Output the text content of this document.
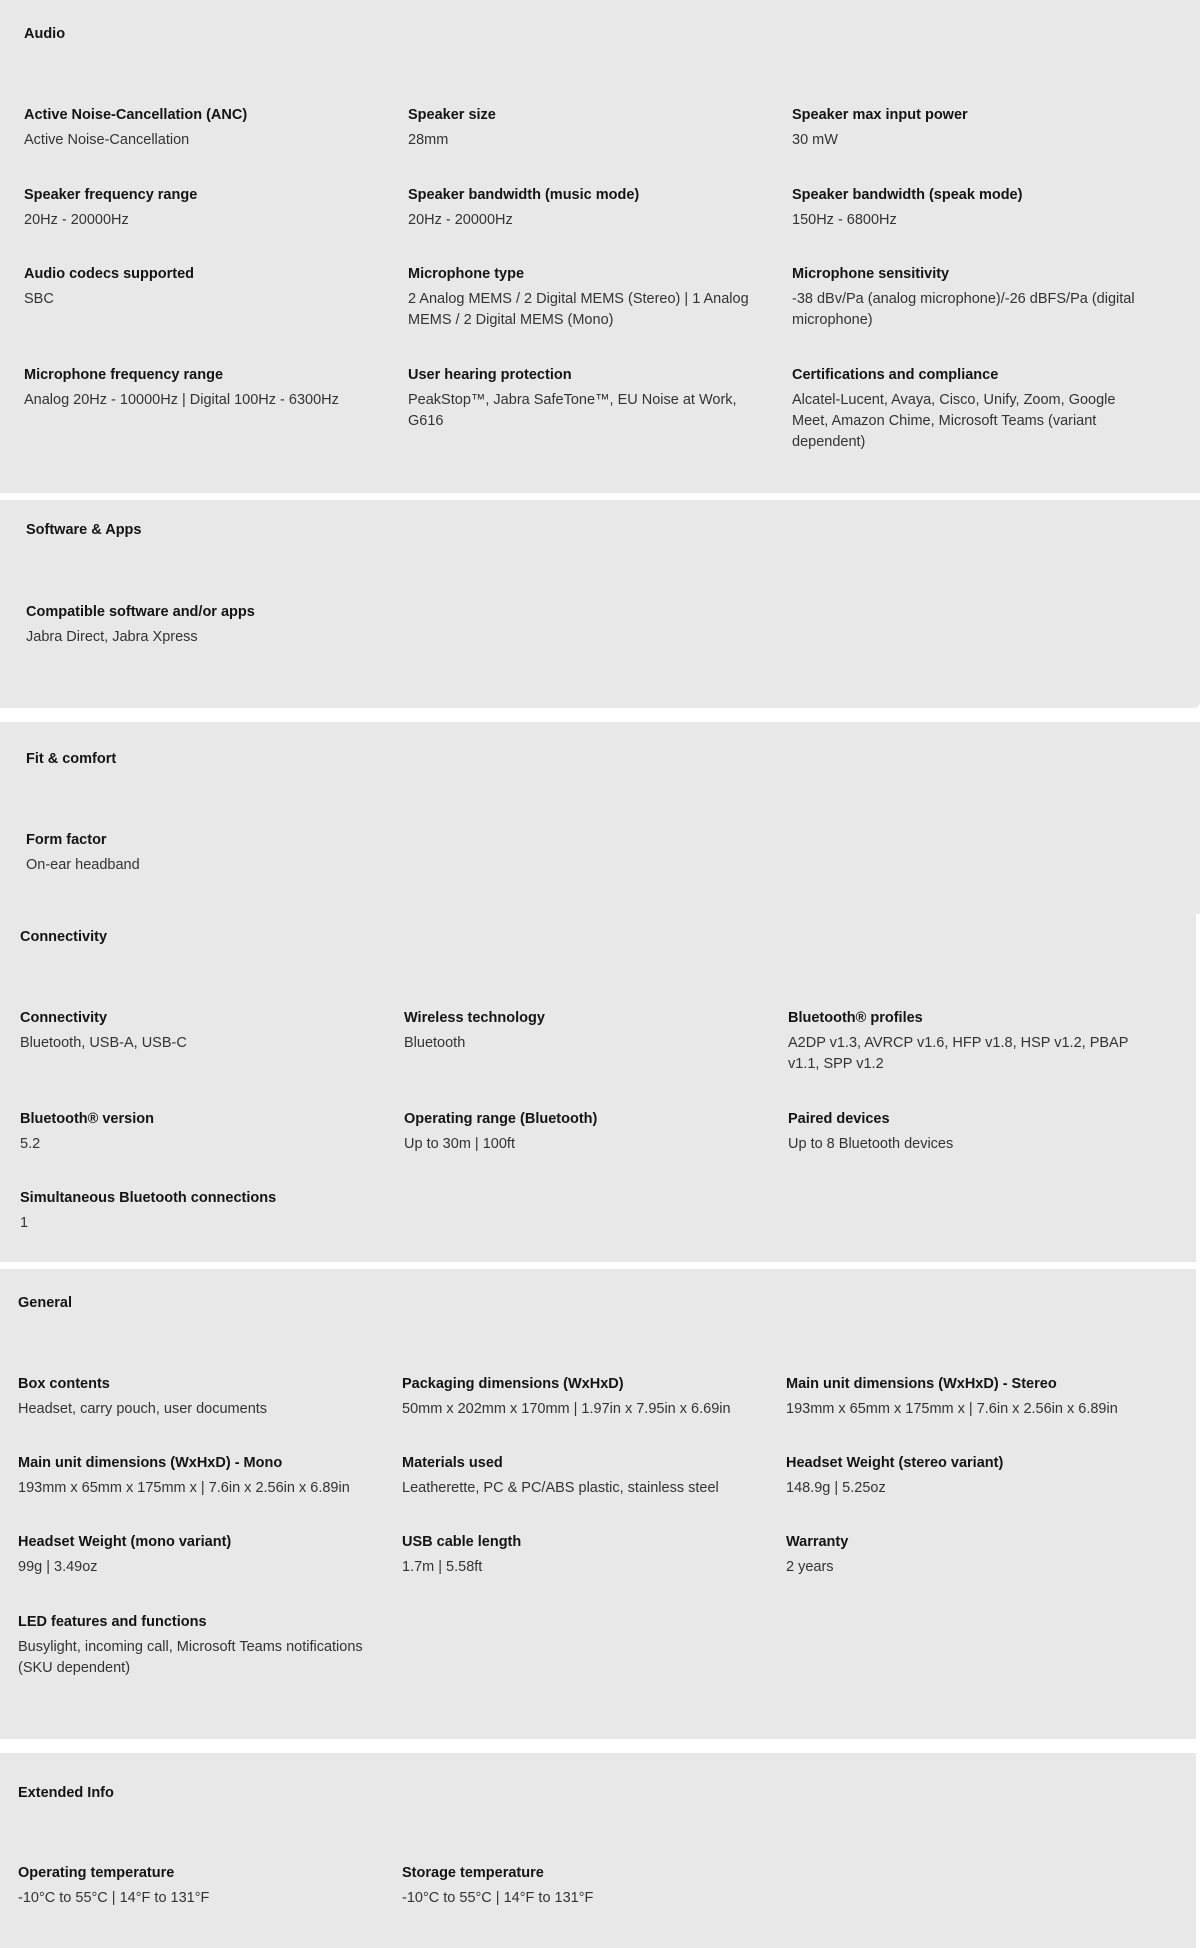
Audio

Active Noise-Cancellation (ANC)

Active Noise-Cancellation

Speaker size

28mm

Speaker max input power

30 mW

Speaker frequency range

20Hz - 20000Hz

Speaker bandwidth (music mode)

20Hz - 20000Hz

Speaker bandwidth (speak mode)

150Hz - 6800Hz

Audio codecs supported

SBC

Microphone type

2 Analog MEMS / 2 Digital MEMS (Stereo) | 1 Analog MEMS / 2 Digital MEMS (Mono)

Microphone sensitivity

-38 dBv/Pa (analog microphone)/-26 dBFS/Pa (digital microphone)

Microphone frequency range

Analog 20Hz - 10000Hz | Digital 100Hz - 6300Hz

User hearing protection

PeakStop™, Jabra SafeTone™, EU Noise at Work, G616

Certifications and compliance

Alcatel-Lucent, Avaya, Cisco, Unify, Zoom, Google Meet, Amazon Chime, Microsoft Teams (variant dependent)

Software & Apps

Compatible software and/or apps

Jabra Direct, Jabra Xpress

Fit & comfort

Form factor

On-ear headband

Connectivity

Connectivity

Bluetooth, USB-A, USB-C

Wireless technology

Bluetooth

Bluetooth® profiles

A2DP v1.3, AVRCP v1.6, HFP v1.8, HSP v1.2, PBAP v1.1, SPP v1.2

Bluetooth® version

5.2

Operating range (Bluetooth)

Up to 30m | 100ft

Paired devices

Up to 8 Bluetooth devices

Simultaneous Bluetooth connections

1

General

Box contents

Headset, carry pouch, user documents

Packaging dimensions (WxHxD)

50mm x 202mm x 170mm | 1.97in x 7.95in x 6.69in

Main unit dimensions (WxHxD) - Stereo

193mm x 65mm x 175mm x | 7.6in x 2.56in x 6.89in

Main unit dimensions (WxHxD) - Mono

193mm x 65mm x 175mm x | 7.6in x 2.56in x 6.89in

Materials used

Leatherette, PC & PC/ABS plastic, stainless steel

Headset Weight (stereo variant)

148.9g | 5.25oz

Headset Weight (mono variant)

99g | 3.49oz

USB cable length

1.7m | 5.58ft

Warranty

2 years

LED features and functions

Busylight, incoming call, Microsoft Teams notifications (SKU dependent)

Extended Info

Operating temperature

-10°C to 55°C | 14°F to 131°F

Storage temperature

-10°C to 55°C | 14°F to 131°F
